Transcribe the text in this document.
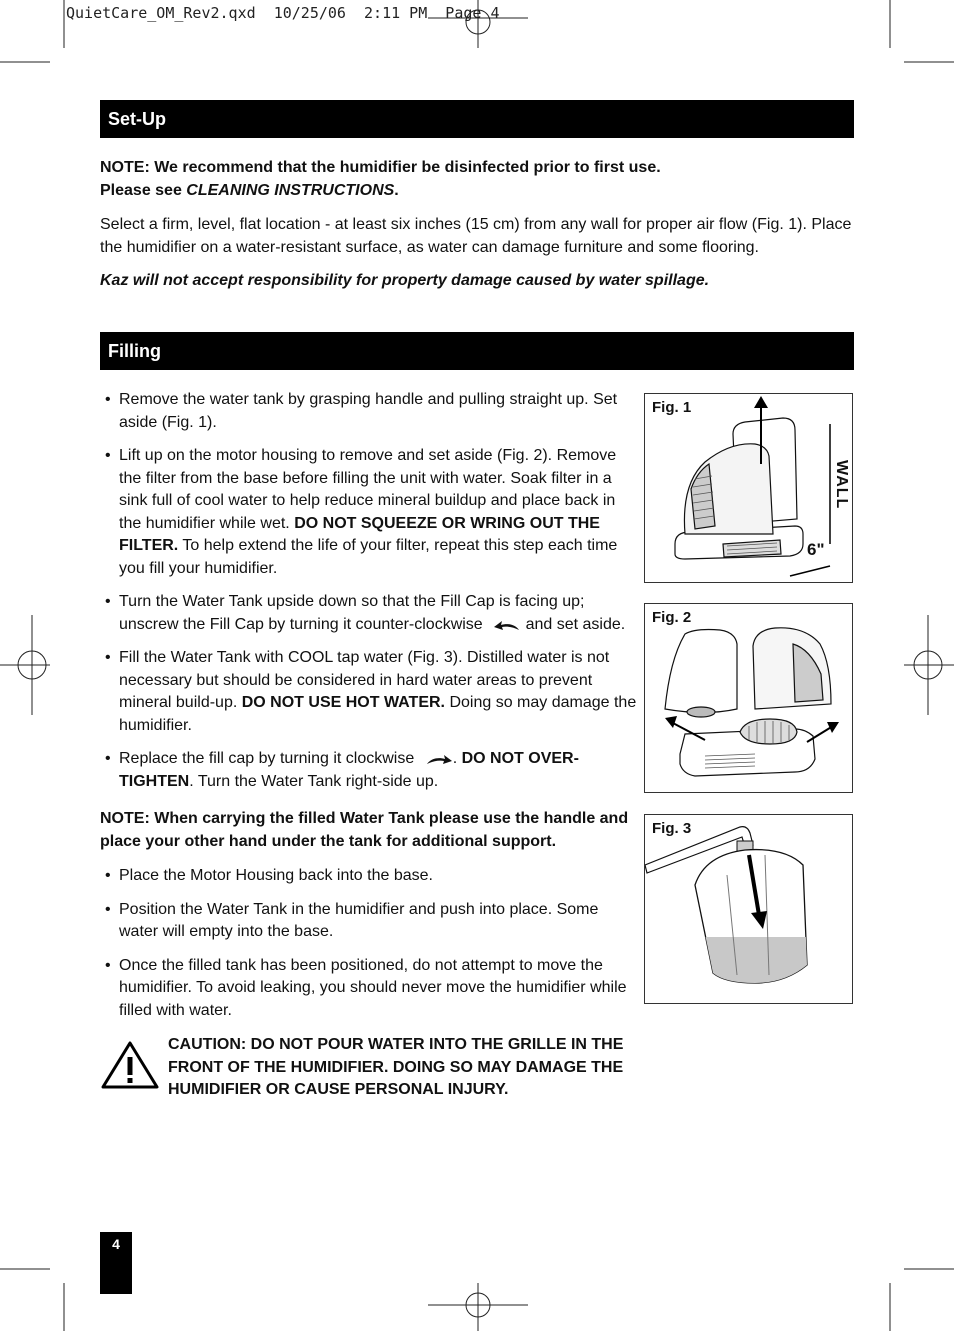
QuietCare_OM_Rev2.qxd  10/25/06  2:11 PM  Page 4
Set-Up
NOTE: We recommend that the humidifier be disinfected prior to first use.
Please see CLEANING INSTRUCTIONS.
Select a firm, level, flat location - at least six inches (15 cm) from any wall for proper air flow (Fig. 1). Place the humidifier on a water-resistant surface, as water can damage furniture and some flooring.
Kaz will not accept responsibility for property damage caused by water spillage.
Filling
• Remove the water tank by grasping handle and pulling straight up. Set aside (Fig. 1).
• Lift up on the motor housing to remove and set aside (Fig. 2). Remove the filter from the base before filling the unit with water. Soak filter in a sink full of cool water to help reduce mineral buildup and place back in the humidifier while wet. DO NOT SQUEEZE OR WRING OUT THE FILTER. To help extend the life of your filter, repeat this step each time you fill your humidifier.
• Turn the Water Tank upside down so that the Fill Cap is facing up; unscrew the Fill Cap by turning it counter-clockwise  and set aside.
• Fill the Water Tank with COOL tap water (Fig. 3). Distilled water is not necessary but should be considered in hard water areas to prevent mineral build-up. DO NOT USE HOT WATER. Doing so may damage the humidifier.
• Replace the fill cap by turning it clockwise . DO NOT OVER-TIGHTEN. Turn the Water Tank right-side up.
NOTE: When carrying the filled Water Tank please use the handle and place your other hand under the tank for additional support.
• Place the Motor Housing back into the base.
• Position the Water Tank in the humidifier and push into place. Some water will empty into the base.
• Once the filled tank has been positioned, do not attempt to move the humidifier. To avoid leaking, you should never move the humidifier while filled with water.
CAUTION: DO NOT POUR WATER INTO THE GRILLE IN THE FRONT OF THE HUMIDIFIER. DOING SO MAY DAMAGE THE HUMIDIFIER OR CAUSE PERSONAL INJURY.
Fig. 1
WALL
6"
Fig. 2
Fig. 3
4
